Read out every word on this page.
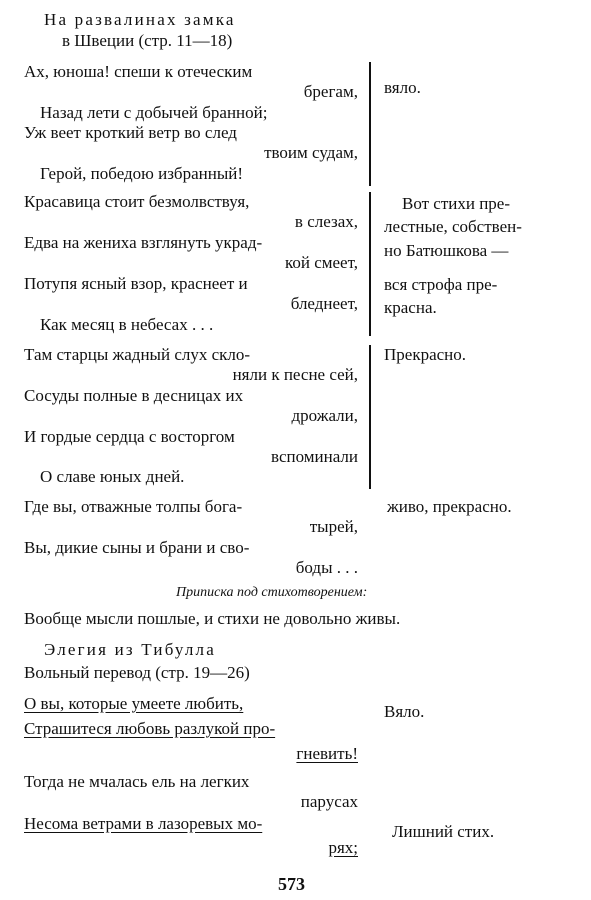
На развалинах замка
в Швеции (стр. 11—18)
Ах, юноша! спеши к отеческим
брегам,
Назад лети с добычей бранной;
Уж веет кроткий ветр во след
твоим судам,
Герой, победою избранный!
вяло.
Красавица стоит безмолвствуя,
в слезах,
Едва на жениха взглянуть украд-
кой смеет,
Потупя ясный взор, краснеет и
бледнеет,
Как месяц в небесах . . .
Вот стихи пре-
лестные, собствен-
но Батюшкова —
вся строфа пре-
красна.
Там старцы жадный слух скло-
няли к песне сей,
Сосуды полные в десницах их
дрожали,
И гордые сердца с восторгом
вспоминали
О славе юных дней.
Прекрасно.
Где вы, отважные толпы бога-
тырей,
Вы, дикие сыны и брани и сво-
боды . . .
живо, прекрасно.
Приписка под стихотворением:
Вообще мысли пошлые, и стихи не довольно живы.
Элегия из Тибулла
Вольный перевод (стр. 19—26)
О вы, которые умеете любить,
Страшитеся любовь разлукой про-
гневить!
Тогда не мчалась ель на легких
парусах
Несома ветрами в лазоревых мо-
рях;
Вяло.
Лишний стих.
573
